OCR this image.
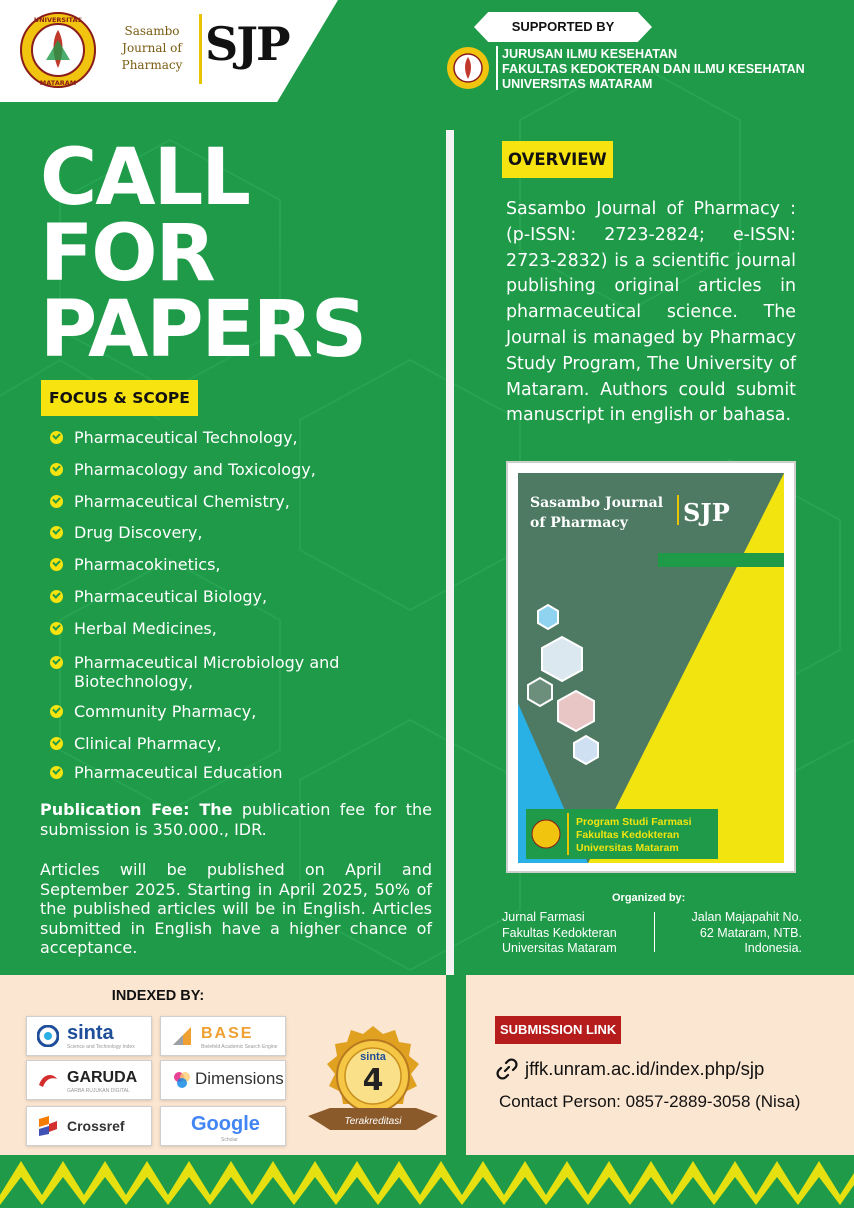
UNIVERSITAS
MATARAM
Sasambo
Journal of
Pharmacy SJP	SUPPORTED BY
JURUSAN ILMU KESEHATAN
FAKULTAS KEDOKTERAN DAN ILMU KESEHATAN
UNIVERSITAS MATARAM
CALL
FOR
PAPERS
FOCUS & SCOPE
Pharmaceutical Technology,
Pharmacology and Toxicology,
Pharmaceutical Chemistry,
Drug Discovery,
Pharmacokinetics,
Pharmaceutical Biology,
Herbal Medicines,
Pharmaceutical Microbiology and Biotechnology,
Community Pharmacy,
Clinical Pharmacy,
Pharmaceutical Education
Publication Fee: The publication fee for the submission is 350.000., IDR.
Articles will be published on April and September 2025. Starting in April 2025, 50% of the published articles will be in English. Articles submitted in English have a higher chance of acceptance.
OVERVIEW
Sasambo Journal of Pharmacy : (p-ISSN: 2723-2824; e-ISSN: 2723-2832) is a scientific journal publishing original articles in pharmaceutical science. The Journal is managed by Pharmacy Study Program, The University of Mataram. Authors could submit manuscript in english or bahasa.
Sasambo Journal
of Pharmacy SJP
Program Studi Farmasi
Fakultas Kedokteran
Universitas Mataram
Organized by:
Jurnal Farmasi
Fakultas Kedokteran
Universitas Mataram
Jalan Majapahit No.
62 Mataram, NTB.
Indonesia.
INDEXED BY:
sinta
Science and Technology Index
BASE
Bielefeld Academic Search Engine
GARUDA
GARBA RUJUKAN DIGITAL
Dimensions
Crossref	Google
Scholar
sinta
4
Terakreditasi
SUBMISSION LINK
jffk.unram.ac.id/index.php/sjp
Contact Person: 0857-2889-3058 (Nisa)
